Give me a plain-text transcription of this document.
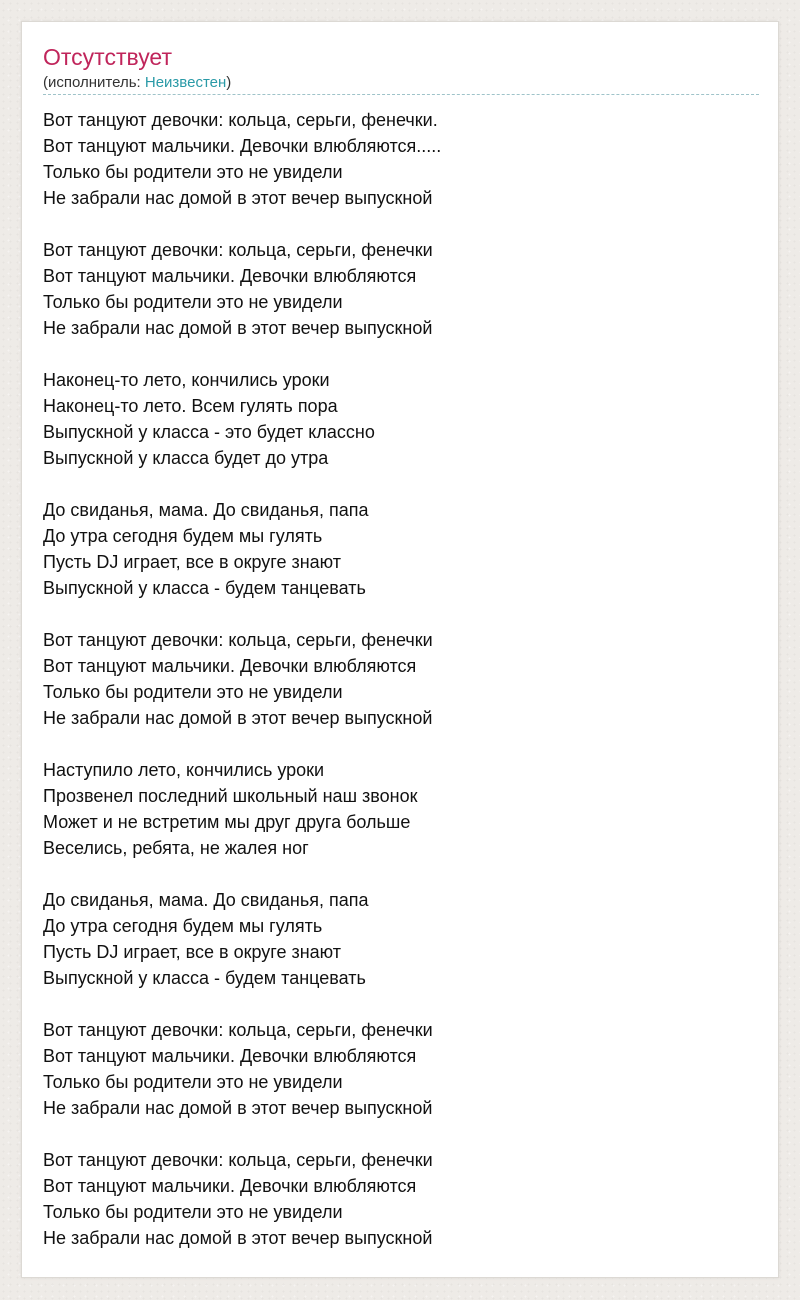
Отсутствует
(исполнитель: Неизвестен)
Вот танцуют девочки: кольца, серьги, фенечки.
Вот танцуют мальчики. Девочки влюбляются.....
Только бы родители это не увидели
Не забрали нас домой в этот вечер выпускной
Вот танцуют девочки: кольца, серьги, фенечки
Вот танцуют мальчики. Девочки влюбляются
Только бы родители это не увидели
Не забрали нас домой в этот вечер выпускной
Наконец-то лето, кончились уроки
Наконец-то лето. Всем гулять пора
Выпускной у класса - это будет классно
Выпускной у класса будет до утра
До свиданья, мама. До свиданья, папа
До утра сегодня будем мы гулять
Пусть DJ играет, все в округе знают
Выпускной у класса - будем танцевать
Вот танцуют девочки: кольца, серьги, фенечки
Вот танцуют мальчики. Девочки влюбляются
Только бы родители это не увидели
Не забрали нас домой в этот вечер выпускной
Наступило лето, кончились уроки
Прозвенел последний школьный наш звонок
Может и не встретим мы друг друга больше
Веселись, ребята, не жалея ног
До свиданья, мама. До свиданья, папа
До утра сегодня будем мы гулять
Пусть DJ играет, все в округе знают
Выпускной у класса - будем танцевать
Вот танцуют девочки: кольца, серьги, фенечки
Вот танцуют мальчики. Девочки влюбляются
Только бы родители это не увидели
Не забрали нас домой в этот вечер выпускной
Вот танцуют девочки: кольца, серьги, фенечки
Вот танцуют мальчики. Девочки влюбляются
Только бы родители это не увидели
Не забрали нас домой в этот вечер выпускной
